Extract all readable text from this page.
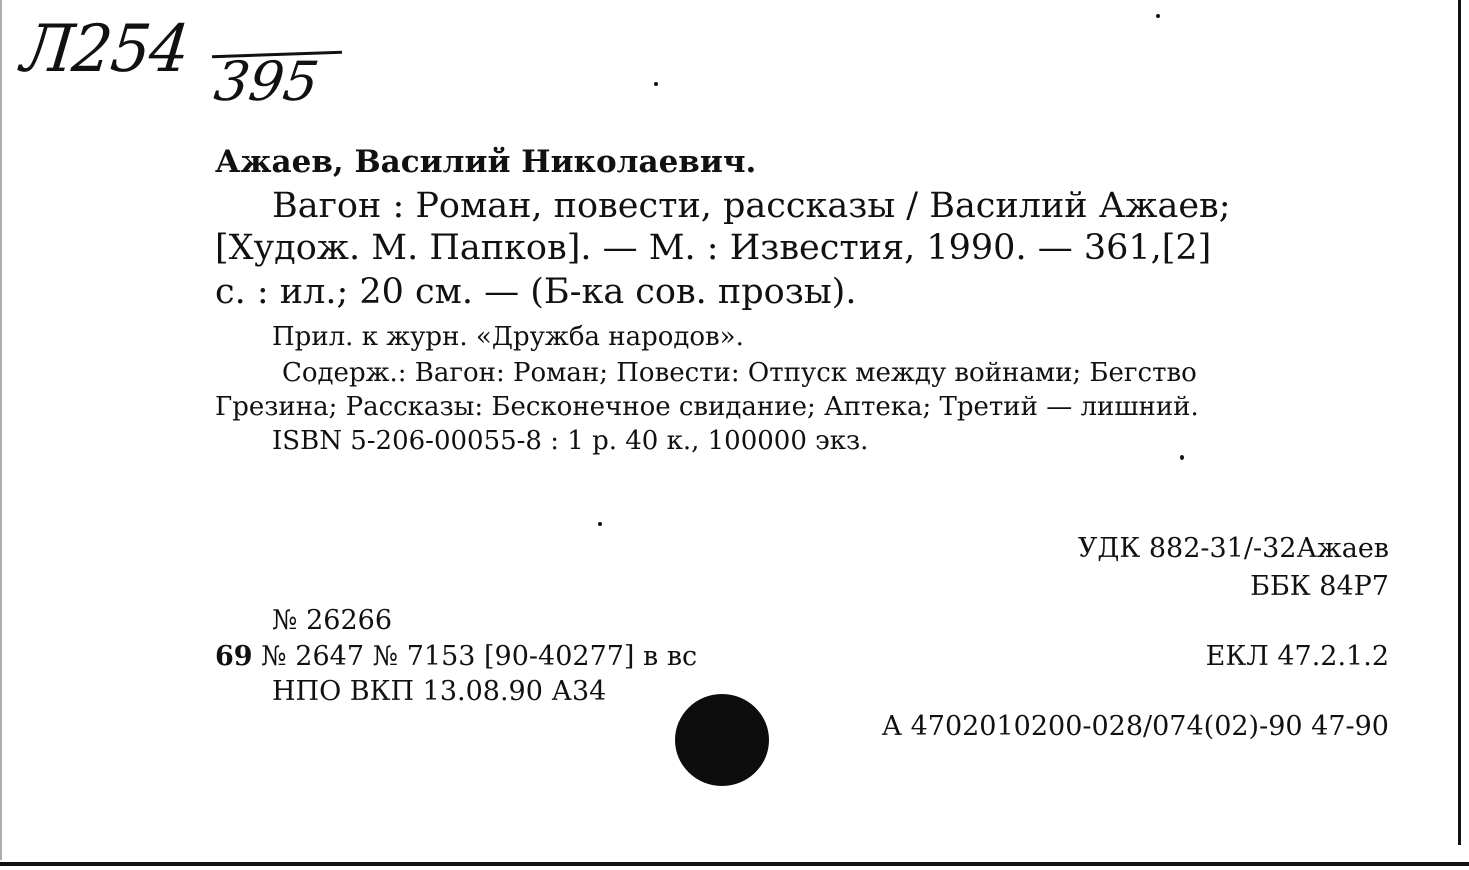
Л254 395
Ажаев, Василий Николаевич.
Вагон : Роман, повести, рассказы / Василий Ажаев;
[Худож. М. Папков]. — М. : Известия, 1990. — 361,[2]
с. : ил.; 20 см. — (Б-ка сов. прозы).
Прил. к журн. «Дружба народов».
Содерж.: Вагон: Роман; Повести: Отпуск между войнами; Бегство
Грезина; Рассказы: Бесконечное свидание; Аптека; Третий — лишний.
ISBN 5-206-00055-8 : 1 р. 40 к., 100000 экз.
УДК 882-31/-32Ажаев
ББК 84Р7
№ 26266
69 № 2647 № 7153 [90-40277] в вс	ЕКЛ 47.2.1.2
НПО ВКП 13.08.90 А34
А 4702010200-028/074(02)-90 47-90
